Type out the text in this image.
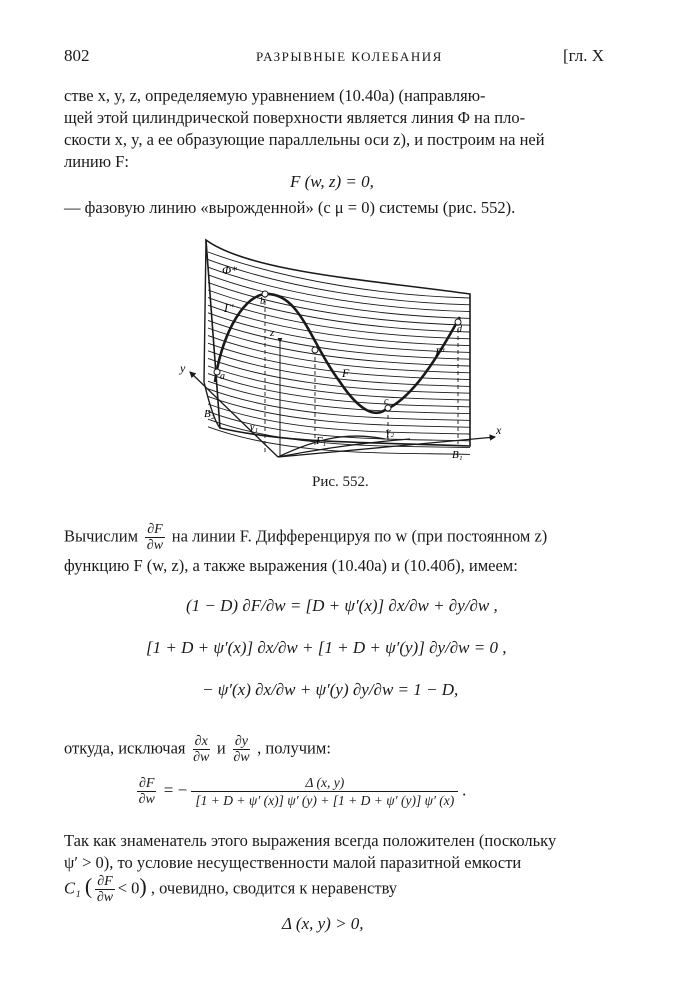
802	РАЗРЫВНЫЕ КОЛЕБАНИЯ	[гл. X
стве x, y, z, определяемую уравнением (10.40а) (направляю-
щей этой цилиндрической поверхности является линия Φ на пло-
скости x, y, а ее образующие параллельны оси z), и построим на ней
линию F:
F (w, z) = 0,
— фазовую линию «вырожденной» (с μ = 0) системы (рис. 552).
Φ*
Γ'
Γ'
F
z
y
x
B₂
B₁
γ₁	γ₂
Γ₁
a
b
c
d
Рис. 552.
Вычислим $\frac{\partial F}{\partial w}$ на линии F. Дифференцируя по w (при постоянном z)
функцию F (w, z), а также выражения (10.40а) и (10.40б), имеем:
(1 − D) ∂F/∂w = [D + ψ′(x)] ∂x/∂w + ∂y/∂w ,
[1 + D + ψ′(x)] ∂x/∂w + [1 + D + ψ′(y)] ∂y/∂w = 0 ,
− ψ′(x) ∂x/∂w + ψ′(y) ∂y/∂w = 1 − D,
откуда, исключая $\frac{\partial x}{\partial w}$ и $\frac{\partial y}{\partial w}$ , получим:
$\frac{\partial F}{\partial w}$ = − $\frac{\Delta (x, y)}{[1 + D + \psi' (x)] \psi' (y) + [1 + D + \psi' (y)] \psi' (x)}$ .
Так как знаменатель этого выражения всегда положителен (поскольку
ψ′ > 0), то условие несущественности малой паразитной емкости
C₁ ( $\frac{\partial F}{\partial w} < 0$) , очевидно, сводится к неравенству
Δ (x, y) > 0,
